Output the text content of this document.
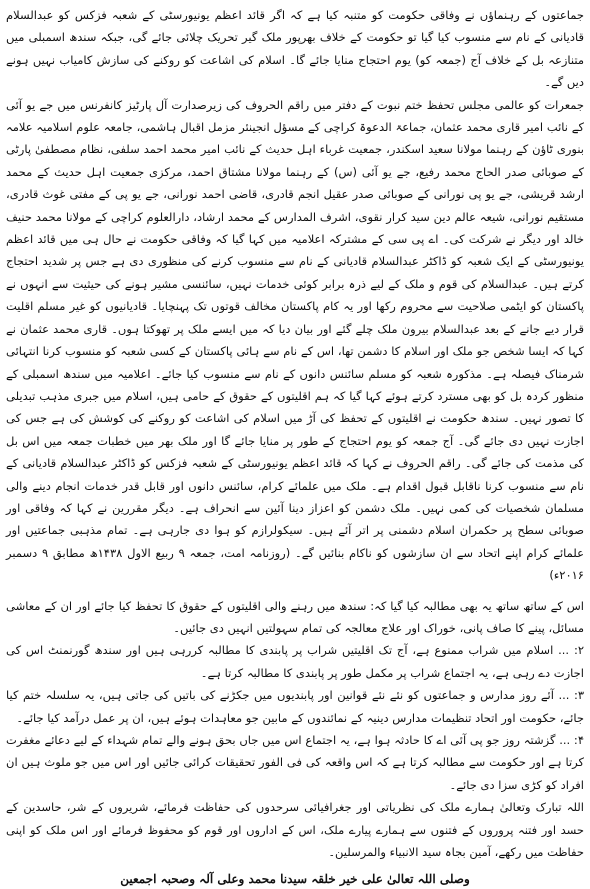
جماعتوں کے رہنماؤں نے وفاقی حکومت کو متنبہ کیا ہے کہ اگر قائد اعظم یونیورسٹی کے شعبہ فزکس کو عبدالسلام قادیانی کے نام سے منسوب کیا گیا تو حکومت کے خلاف بھرپور ملک گیر تحریک چلائی جائے گی، جبکہ سندھ اسمبلی میں متنازعہ بل کے خلاف آج (جمعہ کو) یوم احتجاج منایا جائے گا۔ اسلام کی اشاعت کو روکنے کی سازش کامیاب نہیں ہونے دیں گے۔

جمعرات کو عالمی مجلس تحفظ ختم نبوت کے دفتر میں راقم الحروف کی زیرصدارت آل پارٹیز کانفرنس میں جے یو آئی کے نائب امیر قاری محمد عثمان، جماعۃ الدعوۃ کراچی کے مسؤل انجینئر مزمل اقبال ہاشمی، جامعہ علوم اسلامیہ علامہ بنوری ٹاؤن کے رہنما مولانا سعید اسکندر، جمعیت غرباء اہل حدیث کے نائب امیر محمد احمد سلفی، نظام مصطفیٰ پارٹی کے صوبائی صدر الحاج محمد رفیع، جے یو آئی (س) کے رہنما مولانا مشتاق احمد، مرکزی جمعیت اہل حدیث کے محمد ارشد قریشی، جے یو پی نورانی کے صوبائی صدر عقیل انجم قادری، قاضی احمد نورانی، جے یو پی کے مفتی غوث قادری، مستقیم نورانی، شیعہ عالم دین سید کرار نقوی، اشرف المدارس کے محمد ارشاد، دارالعلوم کراچی کے مولانا محمد حنیف خالد اور دیگر نے شرکت کی۔ اے پی سی کے مشترکہ اعلامیہ میں کہا گیا کہ وفاقی حکومت نے حال ہی میں قائد اعظم یونیورسٹی کے ایک شعبہ کو ڈاکٹر عبدالسلام قادیانی کے نام سے منسوب کرنے کی منظوری دی ہے جس پر شدید احتجاج کرتے ہیں۔ عبدالسلام کی قوم و ملک کے لیے ذرہ برابر کوئی خدمات نہیں، سائنسی مشیر ہونے کی حیثیت سے انہوں نے پاکستان کو ایٹمی صلاحیت سے محروم رکھا اور یہ کام پاکستان مخالف قوتوں تک پہنچایا۔ قادیانیوں کو غیر مسلم اقلیت قرار دیے جانے کے بعد عبدالسلام بیرون ملک چلے گئے اور بیان دیا کہ میں ایسے ملک پر تھوکتا ہوں۔ قاری محمد عثمان نے کہا کہ ایسا شخص جو ملک اور اسلام کا دشمن تھا، اس کے نام سے ہائی پاکستان کے کسی شعبہ کو منسوب کرنا انتہائی شرمناک فیصلہ ہے۔ مذکورہ شعبہ کو مسلم سائنس دانوں کے نام سے منسوب کیا جائے۔ اعلامیہ میں سندھ اسمبلی کے منظور کردہ بل کو بھی مسترد کرتے ہوئے کہا گیا کہ ہم اقلیتوں کے حقوق کے حامی ہیں، اسلام میں جبری مذہب تبدیلی کا تصور نہیں۔ سندھ حکومت نے اقلیتوں کے تحفظ کی آڑ میں اسلام کی اشاعت کو روکنے کی کوشش کی ہے جس کی اجازت نہیں دی جائے گی۔ آج جمعہ کو یوم احتجاج کے طور پر منایا جائے گا اور ملک بھر میں خطبات جمعہ میں اس بل کی مذمت کی جائے گی۔ راقم الحروف نے کہا کہ قائد اعظم یونیورسٹی کے شعبہ فزکس کو ڈاکٹر عبدالسلام قادیانی کے نام سے منسوب کرنا ناقابل قبول اقدام ہے۔ ملک میں علمائے کرام، سائنس دانوں اور قابل قدر خدمات انجام دینے والی مسلمان شخصیات کی کمی نہیں۔ ملک دشمن کو اعزاز دینا آئین سے انحراف ہے۔ دیگر مقررین نے کہا کہ وفاقی اور صوبائی سطح پر حکمران اسلام دشمنی پر اتر آئے ہیں۔ سیکولرازم کو ہوا دی جارہی ہے۔ تمام مذہبی جماعتیں اور علمائے کرام اپنے اتحاد سے ان سازشوں کو ناکام بنائیں گے۔ (روزنامہ امت، جمعہ ۹ ربیع الاول ۱۴۳۸ھ مطابق ۹ دسمبر ۲۰۱۶ء)

اس کے ساتھ ساتھ یہ بھی مطالبہ کیا گیا کہ: سندھ میں رہنے والی اقلیتوں کے حقوق کا تحفظ کیا جائے اور ان کے معاشی مسائل، پینے کا صاف پانی، خوراک اور علاج معالجہ کی تمام سہولتیں انہیں دی جائیں۔

۲: ... اسلام میں شراب ممنوع ہے، آج تک اقلیتیں شراب پر پابندی کا مطالبہ کررہی ہیں اور سندھ گورنمنٹ اس کی اجازت دے رہی ہے، یہ اجتماع شراب پر مکمل طور پر پابندی کا مطالبہ کرتا ہے۔

۳: ... آئے روز مدارس و جماعتوں کو نئے نئے قوانین اور پابندیوں میں جکڑنے کی باتیں کی جاتی ہیں، یہ سلسلہ ختم کیا جائے، حکومت اور اتحاد تنظیمات مدارس دینیہ کے نمائندوں کے مابین جو معاہدات ہوئے ہیں، ان پر عمل درآمد کیا جائے۔

۴: ... گزشتہ روز جو پی آئی اے کا حادثہ ہوا ہے، یہ اجتماع اس میں جاں بحق ہونے والے تمام شہداء کے لیے دعائے مغفرت کرتا ہے اور حکومت سے مطالبہ کرتا ہے کہ اس واقعہ کی فی الفور تحقیقات کرائی جائیں اور اس میں جو ملوث ہیں ان افراد کو کڑی سزا دی جائے۔

اللہ تبارک وتعالیٰ ہمارے ملک کی نظریاتی اور جغرافیائی سرحدوں کی حفاظت فرمائے، شریروں کے شر، حاسدین کے حسد اور فتنہ پروروں کے فتنوں سے ہمارے پیارے ملک، اس کے اداروں اور قوم کو محفوظ فرمائے اور اس ملک کو اپنی حفاظت میں رکھے، آمین بجاہ سید الانبیاء والمرسلین۔

وصلی اللہ تعالیٰ علی خیر خلقہ سیدنا محمد وعلی آلہ وصحبہ اجمعین
